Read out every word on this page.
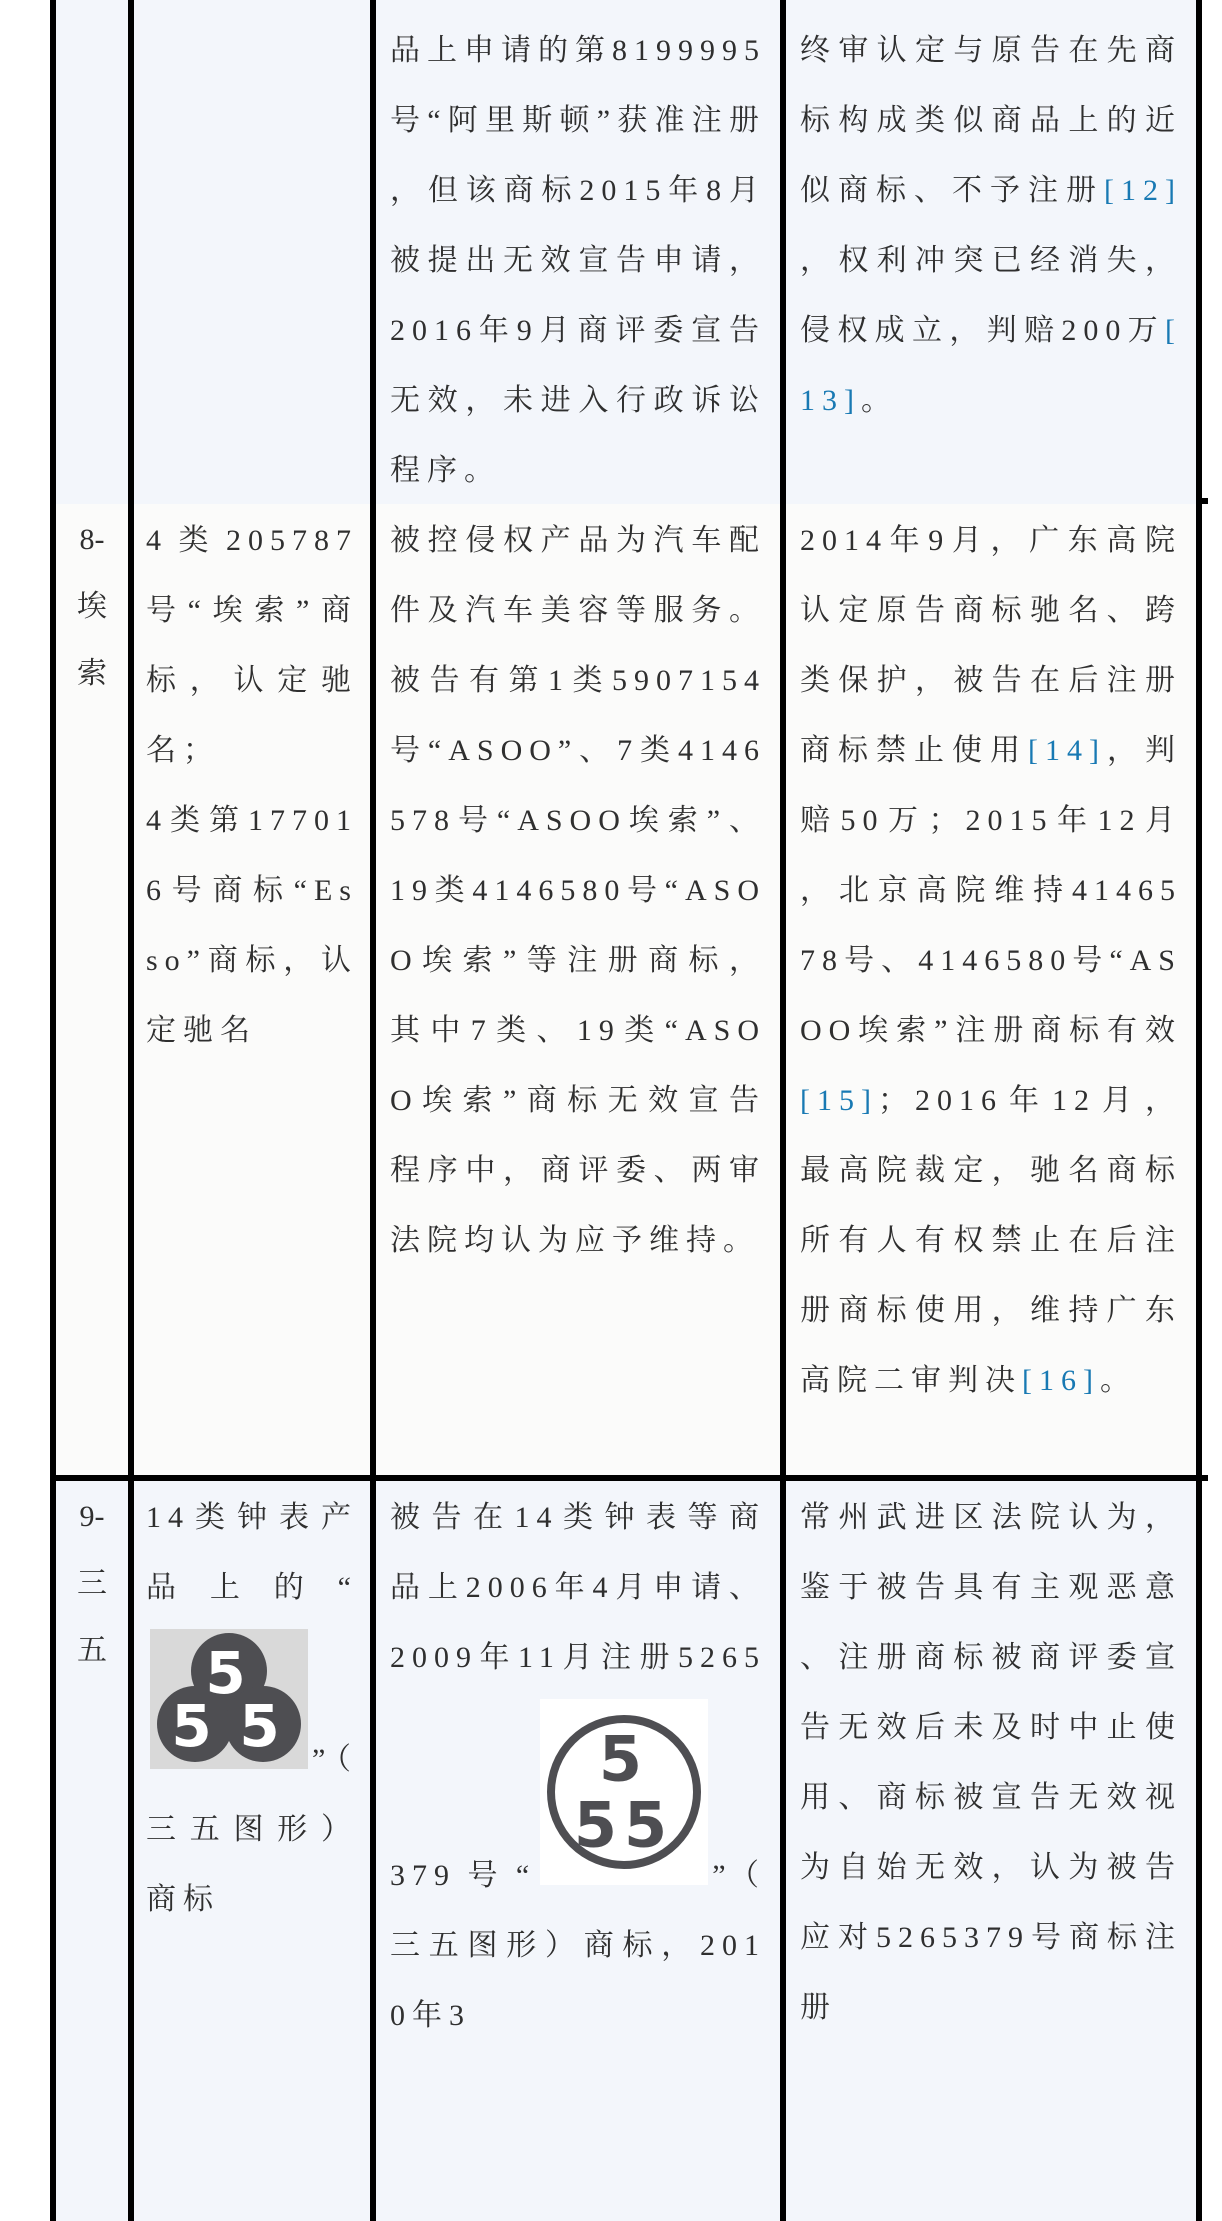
品上申请的第8199995号“阿里斯顿”获准注册，但该商标2015年8月被提出无效宣告申请，2016年9月商评委宣告无效，未进入行政诉讼程序。

终审认定与原告在先商标构成类似商品上的近似商标、不予注册[12]，权利冲突已经消失，侵权成立，判赔200万[13]。

8-
埃
索

4类205787号“埃索”商标，认定驰名；

4类第177016号商标“Esso”商标，认定驰名

被控侵权产品为汽车配件及汽车美容等服务。被告有第1类5907154号“ASOO”、7类4146578号“ASOO埃索”、19类4146580号“ASOO埃索”等注册商标，其中7类、19类“ASOO埃索”商标无效宣告程序中，商评委、两审法院均认为应予维持。

2014年9月，广东高院认定原告商标驰名、跨类保护，被告在后注册商标禁止使用[14]，判赔50万；2015年12月，北京高院维持4146578号、4146580号“ASOO埃索”注册商标有效[15]；2016年12月，最高院裁定，驰名商标所有人有权禁止在后注册商标使用，维持广东高院二审判决[16]。

9-
三
五

14类钟表产品上的“
5
5 5 ”（三五图形）商标

被告在14类钟表等商品上2006年4月申请、2009年11月注册5265379号“
5
55
”（三五图形）商标，2010年3

常州武进区法院认为，鉴于被告具有主观恶意、注册商标被商评委宣告无效后未及时中止使用、商标被宣告无效视为自始无效，认为被告应对5265379号商标注册
